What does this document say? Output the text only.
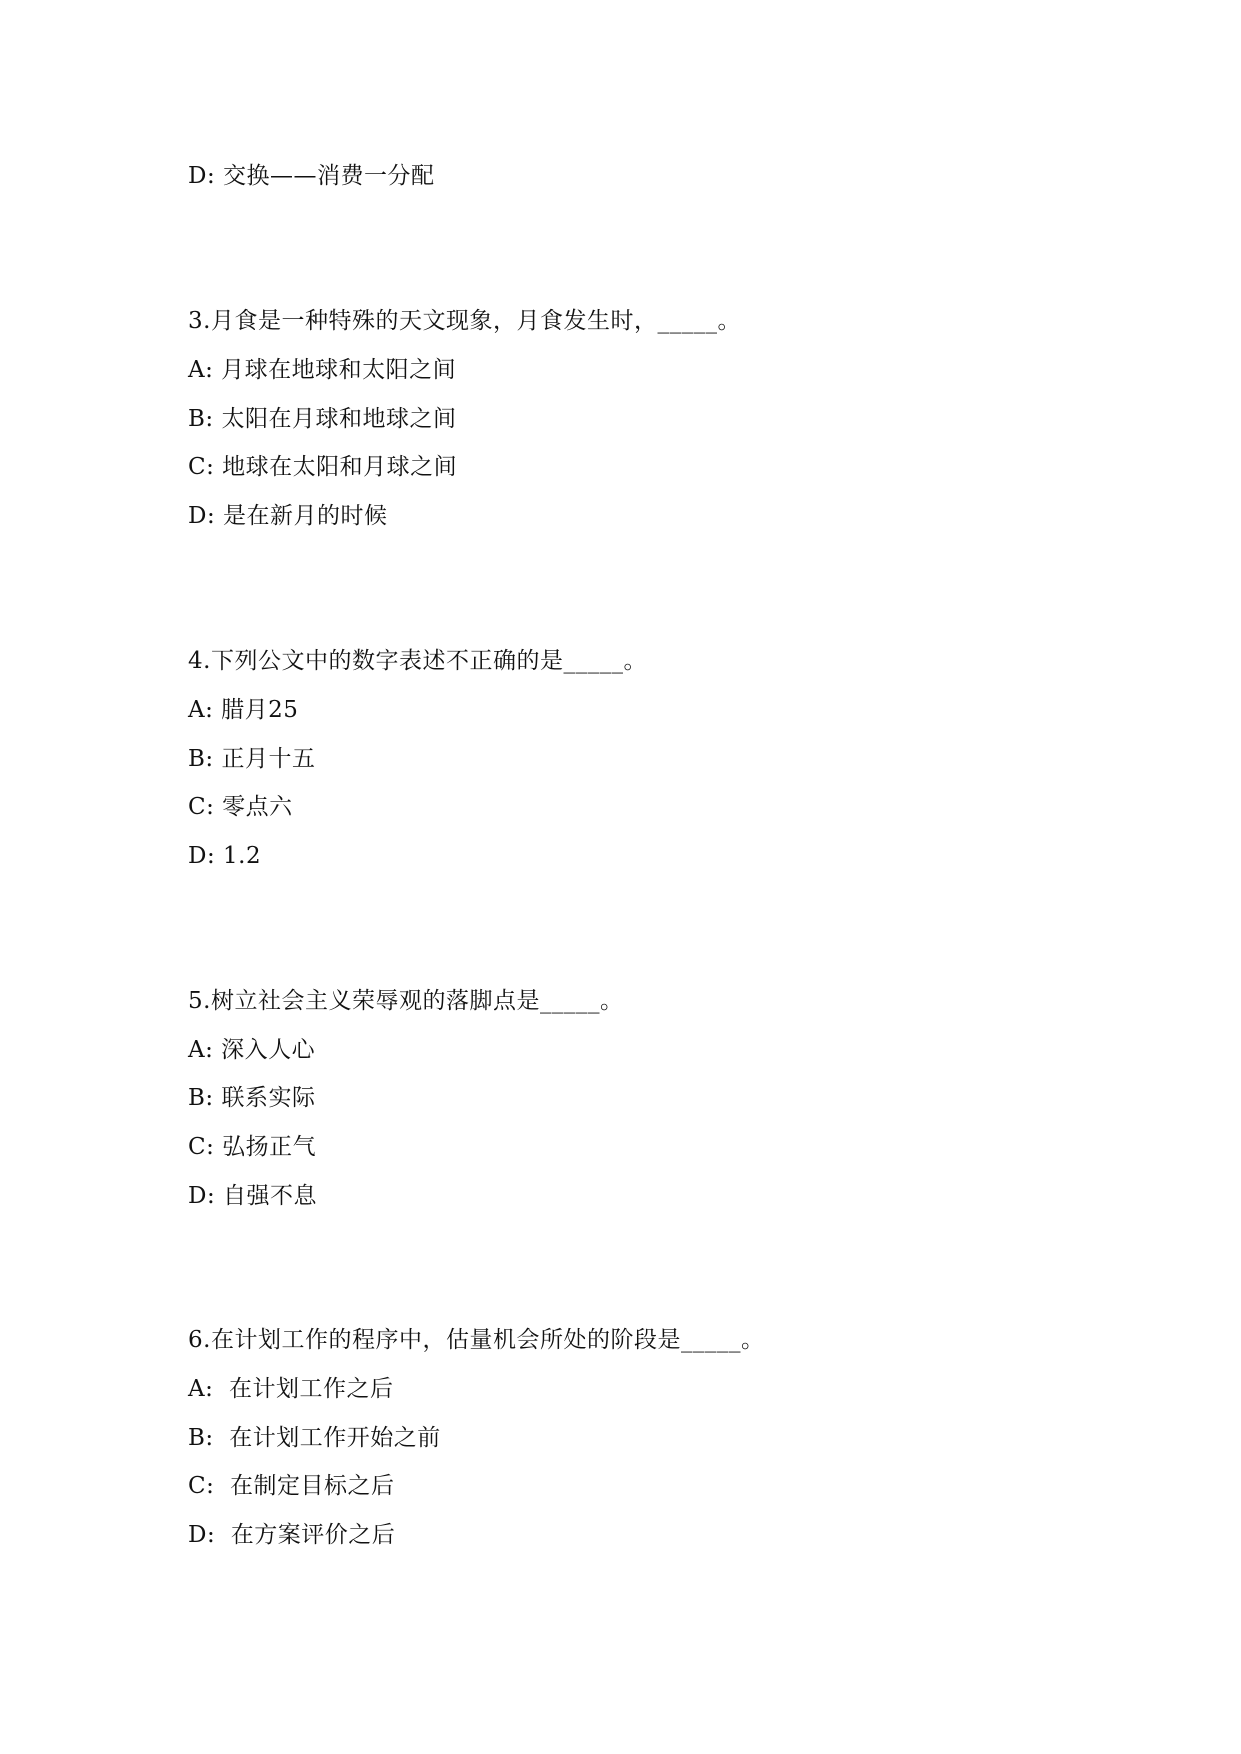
D: 交换——消费一分配
3.月食是一种特殊的天文现象，月食发生时，_____。
A: 月球在地球和太阳之间
B: 太阳在月球和地球之间
C: 地球在太阳和月球之间
D: 是在新月的时候
4.下列公文中的数字表述不正确的是_____。
A: 腊月25
B: 正月十五
C: 零点六
D: 1.2
5.树立社会主义荣辱观的落脚点是_____。
A: 深入人心
B: 联系实际
C: 弘扬正气
D: 自强不息
6.在计划工作的程序中，估量机会所处的阶段是_____。
A:  在计划工作之后
B:  在计划工作开始之前
C:  在制定目标之后
D:  在方案评价之后
